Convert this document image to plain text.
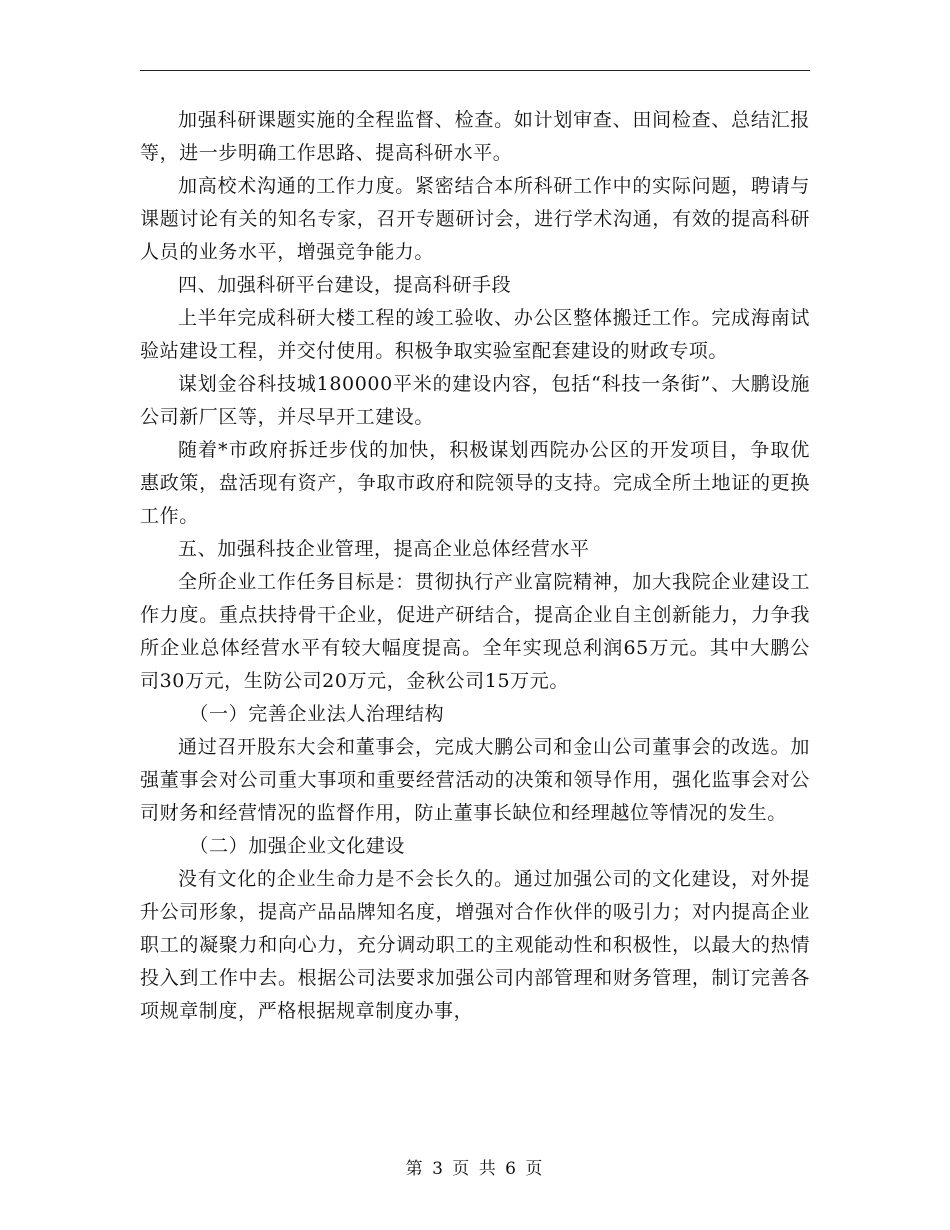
加强科研课题实施的全程监督、检查。如计划审查、田间检查、总结汇报等，进一步明确工作思路、提高科研水平。

加高校术沟通的工作力度。紧密结合本所科研工作中的实际问题，聘请与课题讨论有关的知名专家，召开专题研讨会，进行学术沟通，有效的提高科研人员的业务水平，增强竞争能力。

四、加强科研平台建设，提高科研手段

上半年完成科研大楼工程的竣工验收、办公区整体搬迁工作。完成海南试验站建设工程，并交付使用。积极争取实验室配套建设的财政专项。

谋划金谷科技城180000平米的建设内容，包括“科技一条街”、大鹏设施公司新厂区等，并尽早开工建设。

随着*市政府拆迁步伐的加快，积极谋划西院办公区的开发项目，争取优惠政策，盘活现有资产，争取市政府和院领导的支持。完成全所土地证的更换工作。

五、加强科技企业管理，提高企业总体经营水平

全所企业工作任务目标是：贯彻执行产业富院精神，加大我院企业建设工作力度。重点扶持骨干企业，促进产研结合，提高企业自主创新能力，力争我所企业总体经营水平有较大幅度提高。全年实现总利润65万元。其中大鹏公司30万元，生防公司20万元，金秋公司15万元。

（一）完善企业法人治理结构

通过召开股东大会和董事会，完成大鹏公司和金山公司董事会的改选。加强董事会对公司重大事项和重要经营活动的决策和领导作用，强化监事会对公司财务和经营情况的监督作用，防止董事长缺位和经理越位等情况的发生。

（二）加强企业文化建设

没有文化的企业生命力是不会长久的。通过加强公司的文化建设，对外提升公司形象，提高产品品牌知名度，增强对合作伙伴的吸引力；对内提高企业职工的凝聚力和向心力，充分调动职工的主观能动性和积极性，以最大的热情投入到工作中去。根据公司法要求加强公司内部管理和财务管理，制订完善各项规章制度，严格根据规章制度办事，

第 3 页 共 6 页
